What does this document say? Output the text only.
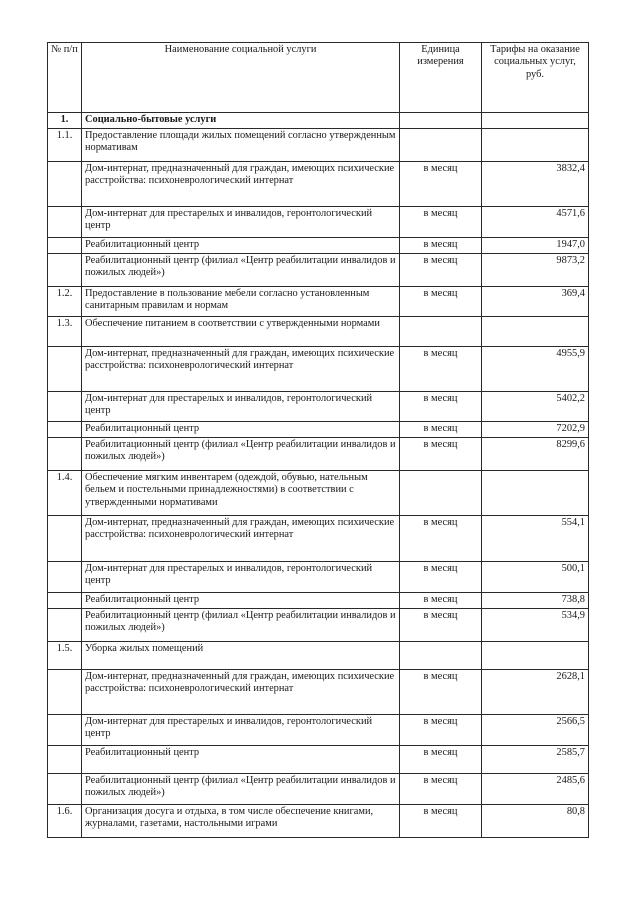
№ п/п	Наименование социальной услуги	Единица измерения	Тарифы на оказание социальных услуг, руб.
1.	Социально-бытовые услуги		
1.1.	Предоставление площади жилых помещений согласно утвержденным нормативам		
	Дом-интернат, предназначенный для граждан, имеющих психические расстройства: психоневрологический интернат	в месяц	3832,4
	Дом-интернат для престарелых и инвалидов, геронтологический центр	в месяц	4571,6
	Реабилитационный центр	в месяц	1947,0
	Реабилитационный центр (филиал «Центр реабилитации инвалидов и пожилых людей»)	в месяц	9873,2
1.2.	Предоставление в пользование мебели согласно установленным санитарным правилам и нормам	в месяц	369,4
1.3.	Обеспечение питанием в соответствии с утвержденными нормами		
	Дом-интернат, предназначенный для граждан, имеющих психические расстройства: психоневрологический интернат	в месяц	4955,9
	Дом-интернат для престарелых и инвалидов, геронтологический центр	в месяц	5402,2
	Реабилитационный центр	в месяц	7202,9
	Реабилитационный центр (филиал «Центр реабилитации инвалидов и пожилых людей»)	в месяц	8299,6
1.4.	Обеспечение мягким инвентарем (одеждой, обувью, нательным бельем и постельными принадлежностями) в соответствии с утвержденными нормативами		
	Дом-интернат, предназначенный для граждан, имеющих психические расстройства: психоневрологический интернат	в месяц	554,1
	Дом-интернат для престарелых и инвалидов, геронтологический центр	в месяц	500,1
	Реабилитационный центр	в месяц	738,8
	Реабилитационный центр (филиал «Центр реабилитации инвалидов и пожилых людей»)	в месяц	534,9
1.5.	Уборка жилых помещений		
	Дом-интернат, предназначенный для граждан, имеющих психические расстройства: психоневрологический интернат	в месяц	2628,1
	Дом-интернат для престарелых и инвалидов, геронтологический центр	в месяц	2566,5
	Реабилитационный центр	в месяц	2585,7
	Реабилитационный центр (филиал «Центр реабилитации инвалидов и пожилых людей»)	в месяц	2485,6
1.6.	Организация досуга и отдыха, в том числе обеспечение книгами, журналами, газетами, настольными играми	в месяц	80,8
